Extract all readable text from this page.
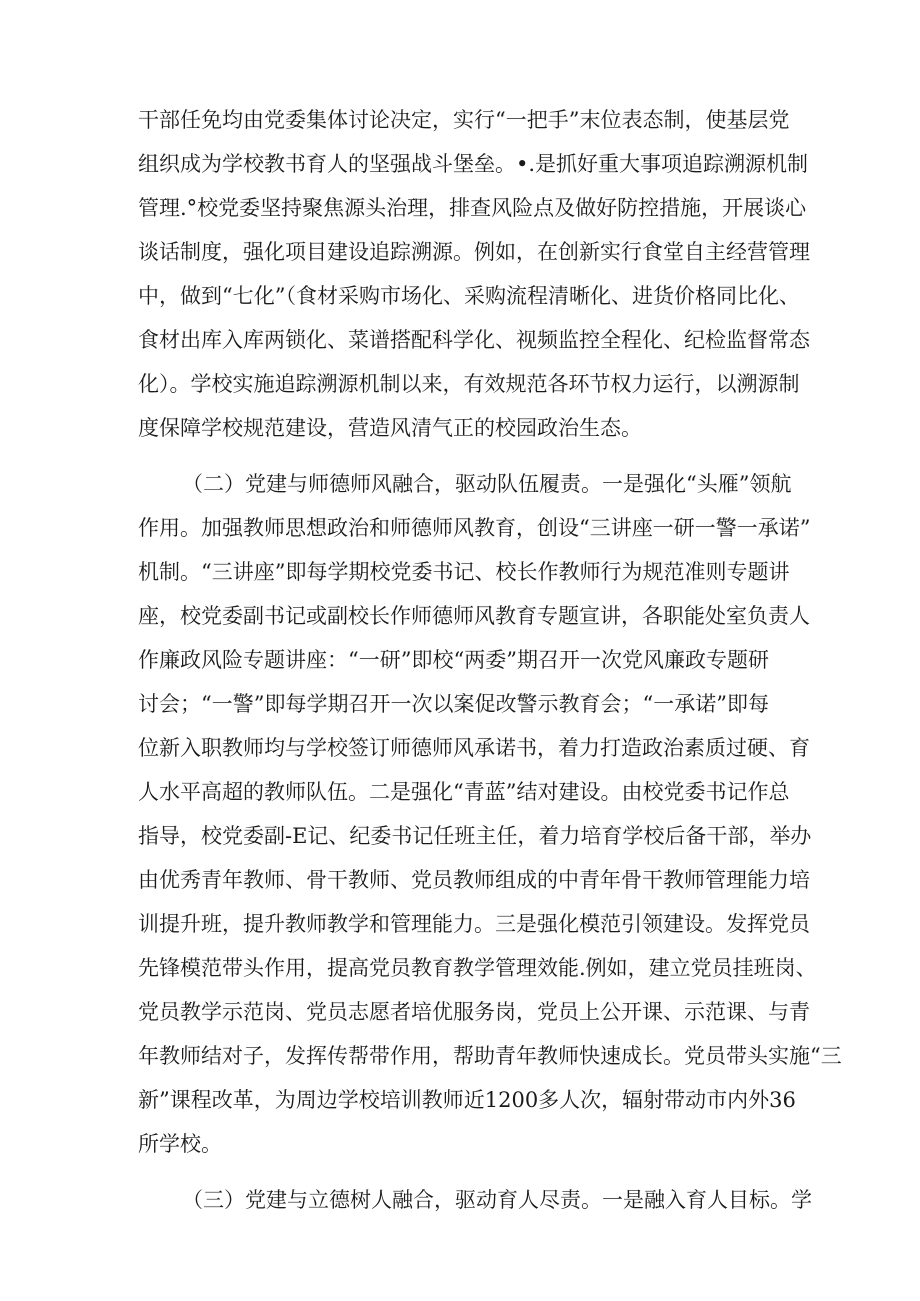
干部任免均由党委集体讨论决定，实行“一把手”末位表态制，使基层党
组织成为学校教书育人的坚强战斗堡垒。•.是抓好重大事项追踪溯源机制
管理.°校党委坚持聚焦源头治理，排查风险点及做好防控措施，开展谈心
谈话制度，强化项目建设追踪溯源。例如，在创新实行食堂自主经营管理
中，做到“七化”（食材采购市场化、采购流程清晰化、进货价格同比化、
食材出库入库两锁化、菜谱搭配科学化、视频监控全程化、纪检监督常态
化）。学校实施追踪溯源机制以来，有效规范各环节权力运行，以溯源制
度保障学校规范建设，营造风清气正的校园政治生态。

（二）党建与师德师风融合，驱动队伍履责。一是强化“头雁”领航
作用。加强教师思想政治和师德师风教育，创设“三讲座一研一警一承诺”
机制。“三讲座”即每学期校党委书记、校长作教师行为规范准则专题讲
座，校党委副书记或副校长作师德师风教育专题宣讲，各职能处室负责人
作廉政风险专题讲座：“一研”即校“两委”期召开一次党风廉政专题研
讨会；“一警”即每学期召开一次以案促改警示教育会；“一承诺”即每
位新入职教师均与学校签订师德师风承诺书，着力打造政治素质过硬、育
人水平高超的教师队伍。二是强化“青蓝”结对建设。由校党委书记作总
指导，校党委副-E记、纪委书记任班主任，着力培育学校后备干部，举办
由优秀青年教师、骨干教师、党员教师组成的中青年骨干教师管理能力培
训提升班，提升教师教学和管理能力。三是强化模范引领建设。发挥党员
先锋模范带头作用，提高党员教育教学管理效能.例如，建立党员挂班岗、
党员教学示范岗、党员志愿者培优服务岗，党员上公开课、示范课、与青
年教师结对子，发挥传帮带作用，帮助青年教师快速成长。党员带头实施“三
新”课程改革，为周边学校培训教师近1200多人次，辐射带动市内外36
所学校。

（三）党建与立德树人融合，驱动育人尽责。一是融入育人目标。学
